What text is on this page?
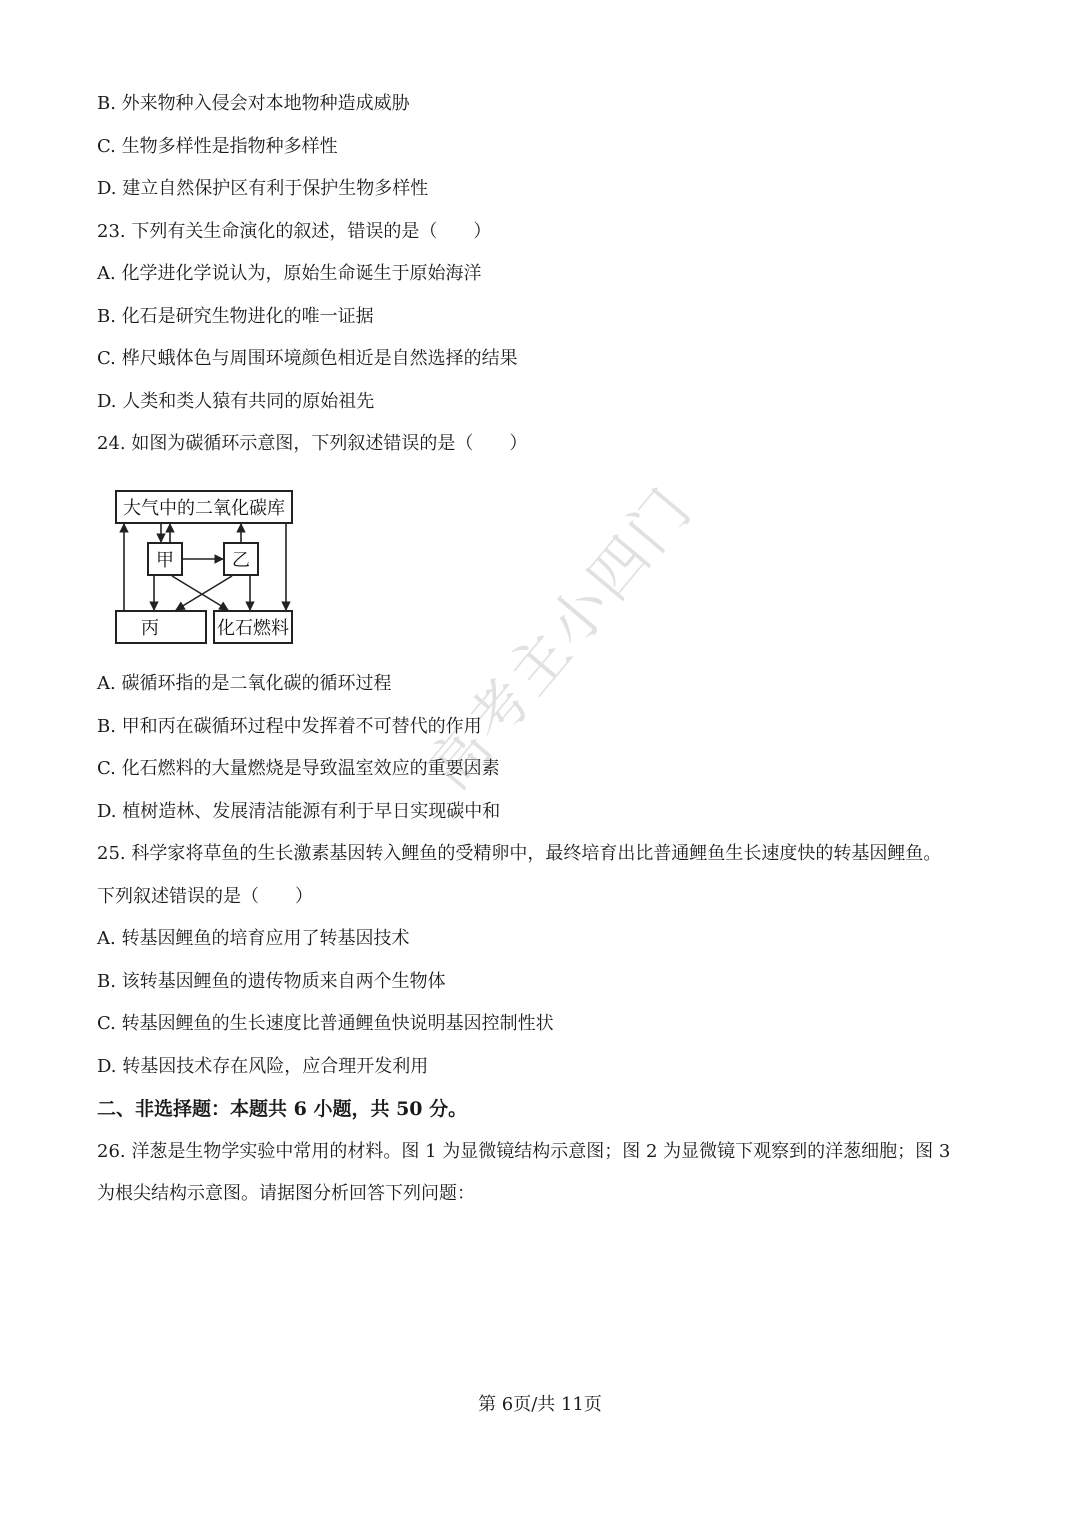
B. 外来物种入侵会对本地物种造成威胁
C. 生物多样性是指物种多样性
D. 建立自然保护区有利于保护生物多样性
23. 下列有关生命演化的叙述，错误的是（　　）
A. 化学进化学说认为，原始生命诞生于原始海洋
B. 化石是研究生物进化的唯一证据
C. 桦尺蛾体色与周围环境颜色相近是自然选择的结果
D. 人类和类人猿有共同的原始祖先
24. 如图为碳循环示意图，下列叙述错误的是（　　）
大气中的二氧化碳库
甲	乙
丙	化石燃料
A. 碳循环指的是二氧化碳的循环过程
B. 甲和丙在碳循环过程中发挥着不可替代的作用
C. 化石燃料的大量燃烧是导致温室效应的重要因素
D. 植树造林、发展清洁能源有利于早日实现碳中和
25. 科学家将草鱼的生长激素基因转入鲤鱼的受精卵中，最终培育出比普通鲤鱼生长速度快的转基因鲤鱼。
下列叙述错误的是（　　）
A. 转基因鲤鱼的培育应用了转基因技术
B. 该转基因鲤鱼的遗传物质来自两个生物体
C. 转基因鲤鱼的生长速度比普通鲤鱼快说明基因控制性状
D. 转基因技术存在风险，应合理开发利用
二、非选择题：本题共 6 小题，共 50 分。
26. 洋葱是生物学实验中常用的材料。图 1 为显微镜结构示意图；图 2 为显微镜下观察到的洋葱细胞；图 3
为根尖结构示意图。请据图分析回答下列问题：
高考主小四门
第 6页/共 11页
